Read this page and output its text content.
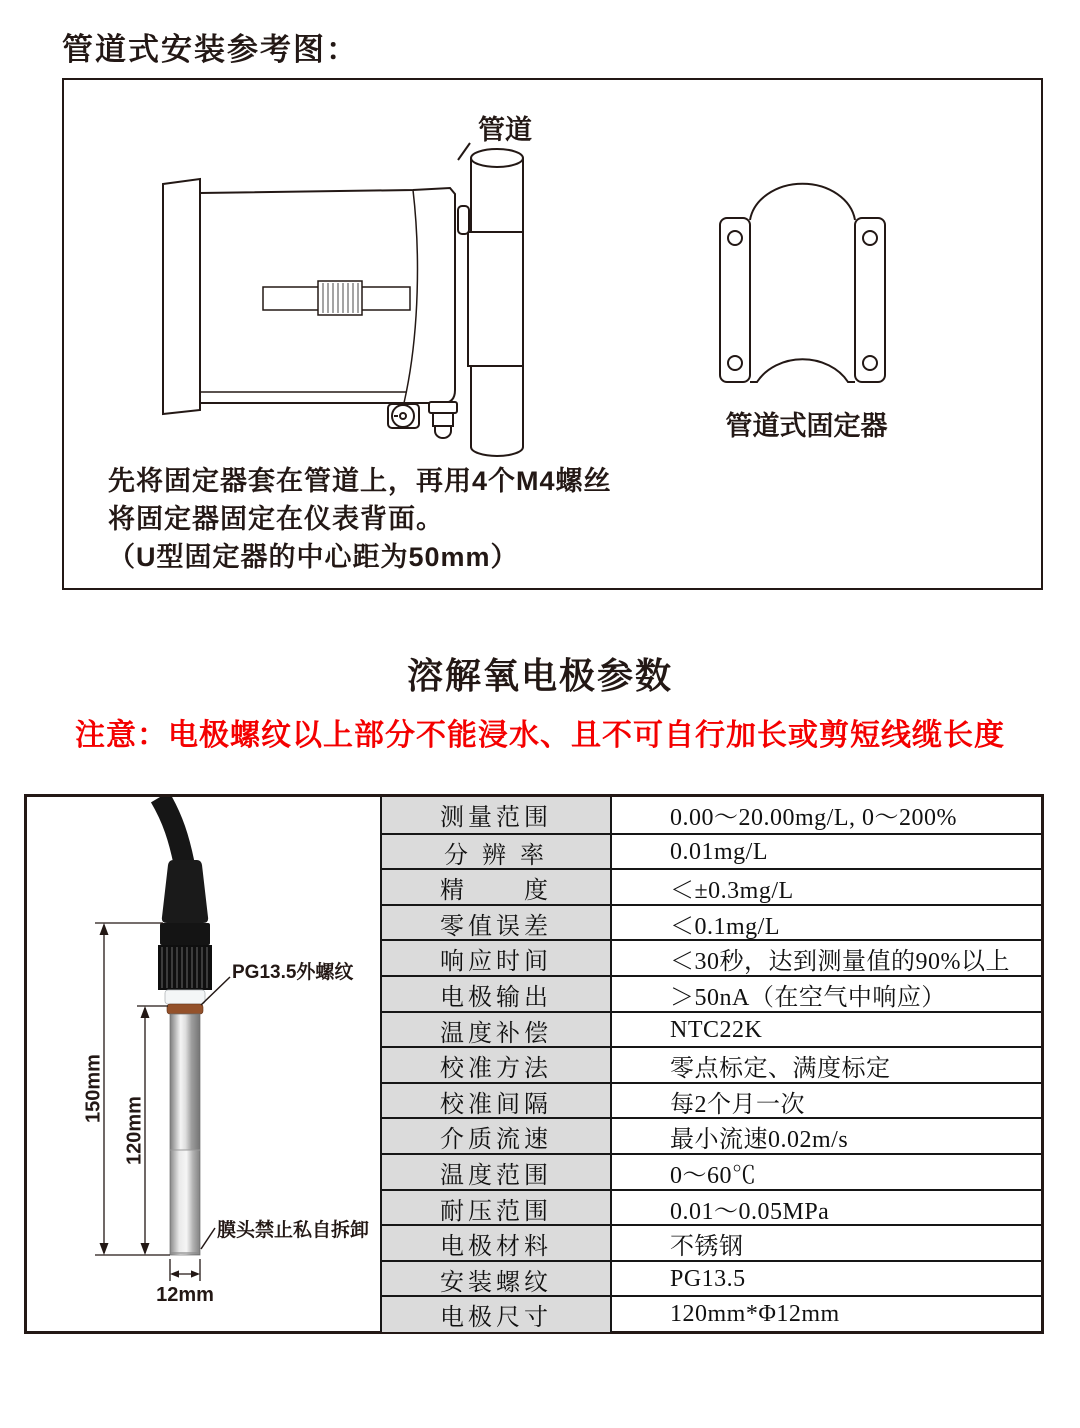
管道式安装参考图：
管道
管道式固定器
先将固定器套在管道上，再用4个M4螺丝
将固定器固定在仪表背面。
（U型固定器的中心距为50mm）
溶解氧电极参数
注意：电极螺纹以上部分不能浸水、且不可自行加长或剪短线缆长度
150mm
120mm
12mm
PG13.5外螺纹
膜头禁止私自拆卸
测量范围	0.00～20.00mg/L, 0～200%
分 辨 率	0.01mg/L
精　　度	＜±0.3mg/L
零值误差	＜0.1mg/L
响应时间	＜30秒，达到测量值的90%以上
电极输出	＞50nA（在空气中响应）
温度补偿	NTC22K
校准方法	零点标定、满度标定
校准间隔	每2个月一次
介质流速	最小流速0.02m/s
温度范围	0～60℃
耐压范围	0.01～0.05MPa
电极材料	不锈钢
安装螺纹	PG13.5
电极尺寸	120mm*Φ12mm
